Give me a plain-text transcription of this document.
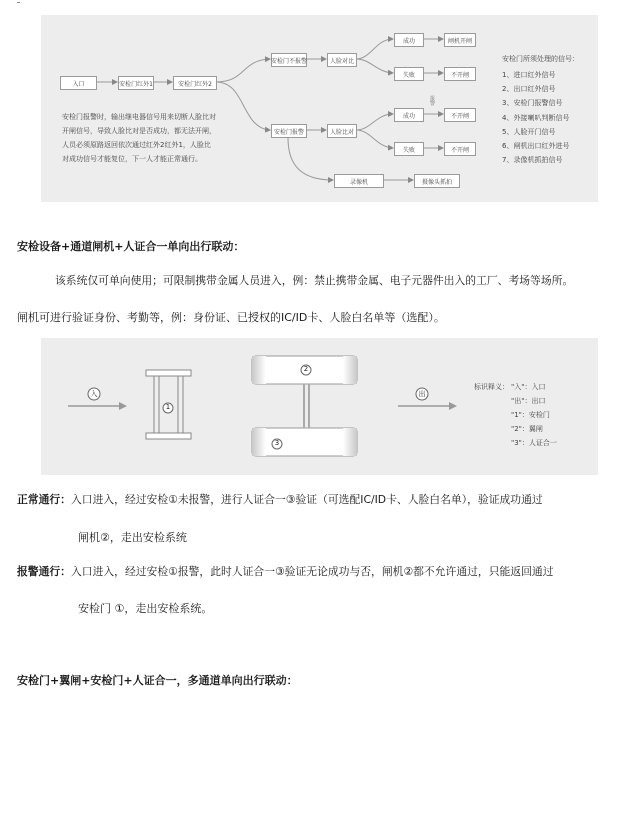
入口	安检门红外1	安检门红外2
安检门不报警
安检门报警
人脸对比
人脸比对
成功
失败
成功
失败
闸机开闸
不开闸
不开闸
不开闸
录像机	摄像头抓拍
报警
安检门报警时，输出继电器信号用来切断人脸比对
开闸信号，导致人脸比对是否成功，都无法开闸，
人员必须原路返回依次通过红外2红外1，人脸比
对成功信号才能复位，下一人才能正常通行。
安检门所须处理的信号：
1、进口红外信号
2、出口红外信号
3、安检门报警信号
4、外接喇叭判断信号
5、人脸开门信号
6、闸机出口红外进号
7、录像机抓拍信号
安检设备+通道闸机+人证合一单向出行联动：
该系统仅可单向使用；可限制携带金属人员进入，例：禁止携带金属、电子元器件出入的工厂、考场等场所。
闸机可进行验证身份、考勤等，例：身份证、已授权的IC/ID卡、人脸白名单等（选配）。
1
2
3
入	出
标识释义： "入"：入口
"出"：出口
"1"：安检门
"2"：翼闸
"3"：人证合一
正常通行：入口进入，经过安检①未报警，进行人证合一③验证（可选配IC/ID卡、人脸白名单），验证成功通过
闸机②，走出安检系统
报警通行：入口进入，经过安检①报警，此时人证合一③验证无论成功与否，闸机②都不允许通过，只能返回通过
安检门 ①，走出安检系统。
安检门+翼闸+安检门+人证合一，多通道单向出行联动：
